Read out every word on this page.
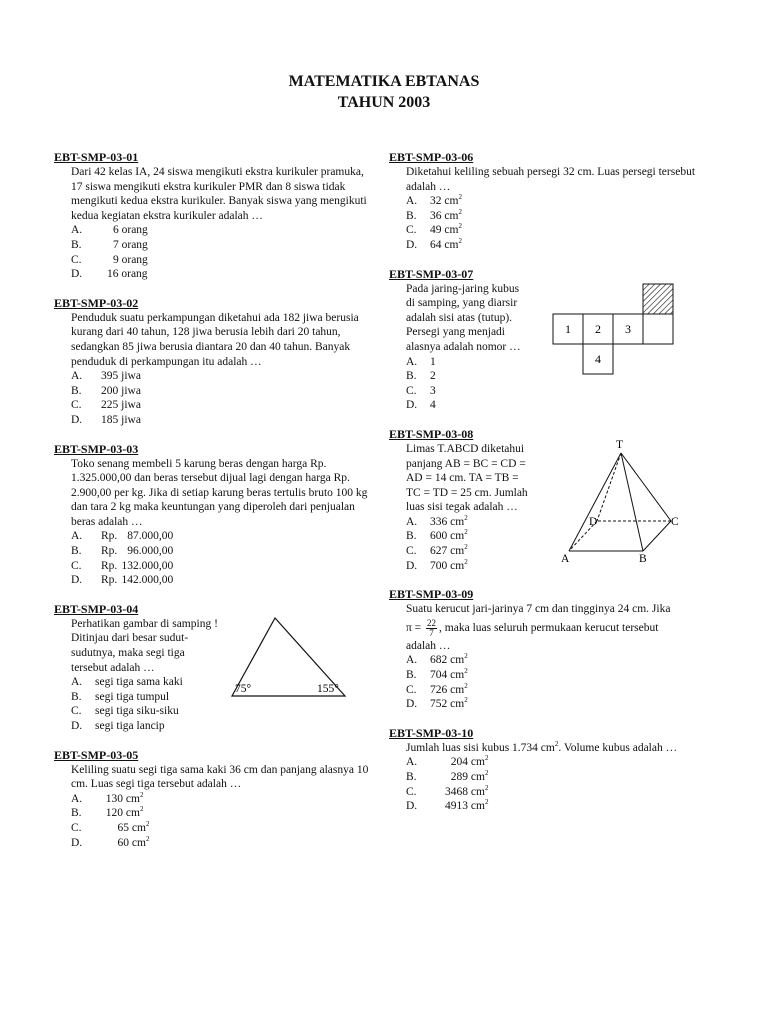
MATEMATIKA EBTANAS
TAHUN 2003
EBT-SMP-03-01
Dari 42 kelas IA, 24 siswa mengikuti ekstra kurikuler pramuka, 17 siswa mengikuti ekstra kurikuler PMR dan 8 siswa tidak mengikuti kedua ekstra kurikuler. Banyak siswa yang mengikuti kedua kegiatan ekstra kurikuler adalah …
A.	6 orang
B.	7 orang
C.	9 orang
D.	16 orang
EBT-SMP-03-02
Penduduk suatu perkampungan diketahui ada 182 jiwa berusia kurang dari 40 tahun, 128 jiwa berusia lebih dari 20 tahun, sedangkan 85 jiwa berusia diantara 20 dan 40 tahun. Banyak penduduk di perkampungan itu adalah …
A.	395 jiwa
B.	200 jiwa
C.	225 jiwa
D.	185 jiwa
EBT-SMP-03-03
Toko senang membeli 5 karung beras dengan harga Rp. 1.325.000,00 dan beras tersebut dijual lagi dengan harga Rp. 2.900,00 per kg. Jika di setiap karung beras tertulis bruto 100 kg dan tara 2 kg maka keuntungan yang diperoleh dari penjualan beras adalah …
A.	Rp. 87.000,00
B.	Rp. 96.000,00
C.	Rp. 132.000,00
D.	Rp. 142.000,00
EBT-SMP-03-04
Perhatikan gambar di samping !
Ditinjau dari besar sudut-
sudutnya, maka segi tiga
tersebut adalah …
A.	segi tiga sama kaki
B.	segi tiga tumpul
C.	segi tiga siku-siku
D.	segi tiga lancip
75°	155°
EBT-SMP-03-05
Keliling suatu segi tiga sama kaki 36 cm dan panjang alasnya 10 cm. Luas segi tiga tersebut adalah …
A.	130 $cm^2$
B.	120 $cm^2$
C.	65 $cm^2$
D.	60 $cm^2$
EBT-SMP-03-06
Diketahui keliling sebuah persegi 32 cm. Luas persegi tersebut adalah …
A.	32 $cm^2$
B.	36 $cm^2$
C.	49 $cm^2$
D.	64 $cm^2$
EBT-SMP-03-07
Pada jaring-jaring kubus
di samping, yang diarsir
adalah sisi atas (tutup).
Persegi yang menjadi
alasnya adalah nomor …
A.	1
B.	2
C.	3
D.	4
1 2 3
4
EBT-SMP-03-08
Limas T.ABCD diketahui
panjang AB = BC = CD =
AD = 14 cm. TA = TB =
TC = TD = 25 cm. Jumlah
luas sisi tegak adalah …
A.	336 $cm^2$
B.	600 $cm^2$
C.	627 $cm^2$
D.	700 $cm^2$
T
D	C
A	B
EBT-SMP-03-09
Suatu kerucut jari-jarinya 7 cm dan tingginya 24 cm. Jika
$\pi = \frac{22}{7}$ , maka luas seluruh permukaan kerucut tersebut
adalah …
A.	682 $cm^2$
B.	704 $cm^2$
C.	726 $cm^2$
D.	752 $cm^2$
EBT-SMP-03-10
Jumlah luas sisi kubus 1.734 $cm^2$. Volume kubus adalah …
A.	204 $cm^2$
B.	289 $cm^2$
C.	3468 $cm^2$
D.	4913 $cm^2$
